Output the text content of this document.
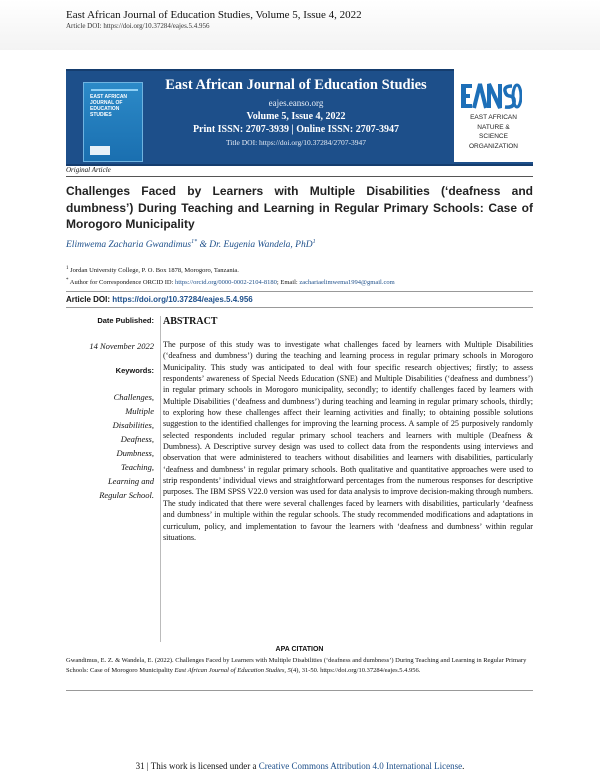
East African Journal of Education Studies, Volume 5, Issue 4, 2022
Article DOI: https://doi.org/10.37284/eajes.5.4.956
EAST AFRICAN
JOURNAL OF
EDUCATION
STUDIES
East African Journal of Education Studies
eajes.eanso.org
Volume 5, Issue 4, 2022
Print ISSN: 2707-3939 | Online ISSN: 2707-3947
Title DOI: https://doi.org/10.37284/2707-3947
EAST AFRICAN
NATURE &
SCIENCE
ORGANIZATION
Original Article
Challenges Faced by Learners with Multiple Disabilities (‘deafness and dumbness’) During Teaching and Learning in Regular Primary Schools: Case of Morogoro Municipality
Elimwema Zacharia Gwandimus$^{1*}$ & Dr. Eugenia Wandela, PhD$^1$
$^1$ Jordan University College, P. O. Box 1878, Morogoro, Tanzania.
* Author for Correspondence ORCID ID: https://orcid.org/0000-0002-2104-8180; Email: zachariaelimwema1994@gmail.com
Article DOI: https://doi.org/10.37284/eajes.5.4.956
Date Published:
14 November 2022
Keywords:
Challenges,
Multiple
Disabilities,
Deafness,
Dumbness,
Teaching,
Learning and
Regular School.
ABSTRACT
The purpose of this study was to investigate what challenges faced by learners with Multiple Disabilities (‘deafness and dumbness’) during the teaching and learning process in regular primary schools in Morogoro Municipality. This study was anticipated to deal with four specific research objectives; firstly; to assess respondents’ awareness of Special Needs Education (SNE) and Multiple Disabilities (‘deafness and dumbness’) in regular primary schools in Morogoro municipality, secondly; to identify challenges faced by learners with Multiple Disabilities (‘deafness and dumbness’) during teaching and learning in regular primary schools, thirdly; to exploring how these challenges affect their learning activities and finally; to obtaining possible solutions suggestion to the identified challenges for improving the learning process. A sample of 25 purposively randomly selected respondents included regular primary school teachers and learners with multiple (Deafness & Dumbness). A Descriptive survey design was used to collect data from the respondents using interviews and observation that were administered to teachers without disabilities and learners with disabilities, particularly ‘deafness and dumbness’ in regular primary schools. Both qualitative and quantitative approaches were used to strip respondents’ individual views and straightforward percentages from the numerous responses for descriptive purposes. The IBM SPSS V22.0 version was used for data analysis to improve decision-making through numbers. The study indicated that there were several challenges faced by learners with disabilities, particularly ‘deafness and dumbness’ in multiple within the regular schools. The study recommended modifications and adaptations in curriculum, policy, and implementation to favour the learners with ‘deafness and dumbness’ within regular situations.
APA CITATION
Gwandimus, E. Z. & Wandela, E. (2022). Challenges Faced by Learners with Multiple Disabilities (‘deafness and dumbness’) During Teaching and Learning in Regular Primary Schools: Case of Morogoro Municipality East African Journal of Education Studies, 5(4), 31-50. https://doi.org/10.37284/eajes.5.4.956.
31 | This work is licensed under a Creative Commons Attribution 4.0 International License.
